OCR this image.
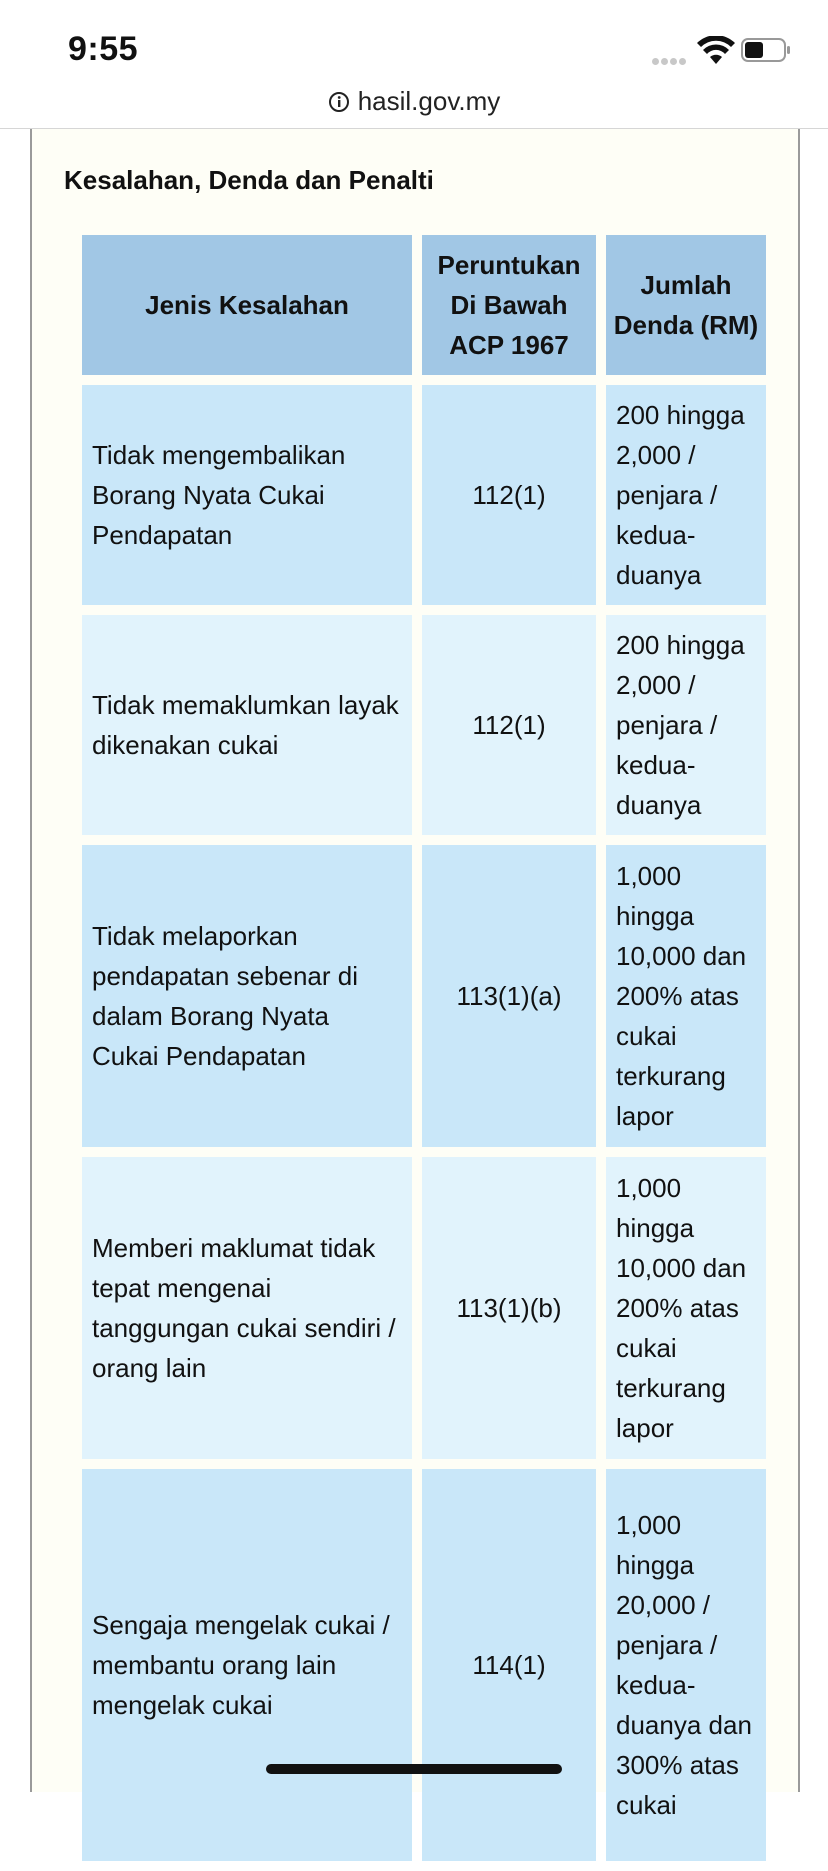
9:55
hasil.gov.my
Kesalahan, Denda dan Penalti
Jenis Kesalahan	Peruntukan Di Bawah ACP 1967	Jumlah Denda (RM)
Tidak mengembalikan Borang Nyata Cukai Pendapatan	112(1)	200 hingga 2,000 / penjara / kedua-duanya
Tidak memaklumkan layak dikenakan cukai	112(1)	200 hingga 2,000 / penjara / kedua-duanya
Tidak melaporkan pendapatan sebenar di dalam Borang Nyata Cukai Pendapatan	113(1)(a)	1,000 hingga 10,000 dan 200% atas cukai terkurang lapor
Memberi maklumat tidak tepat mengenai tanggungan cukai sendiri / orang lain	113(1)(b)	1,000 hingga 10,000 dan 200% atas cukai terkurang lapor
Sengaja mengelak cukai / membantu orang lain mengelak cukai	114(1)	1,000 hingga 20,000 / penjara / kedua-duanya dan 300% atas cukai
